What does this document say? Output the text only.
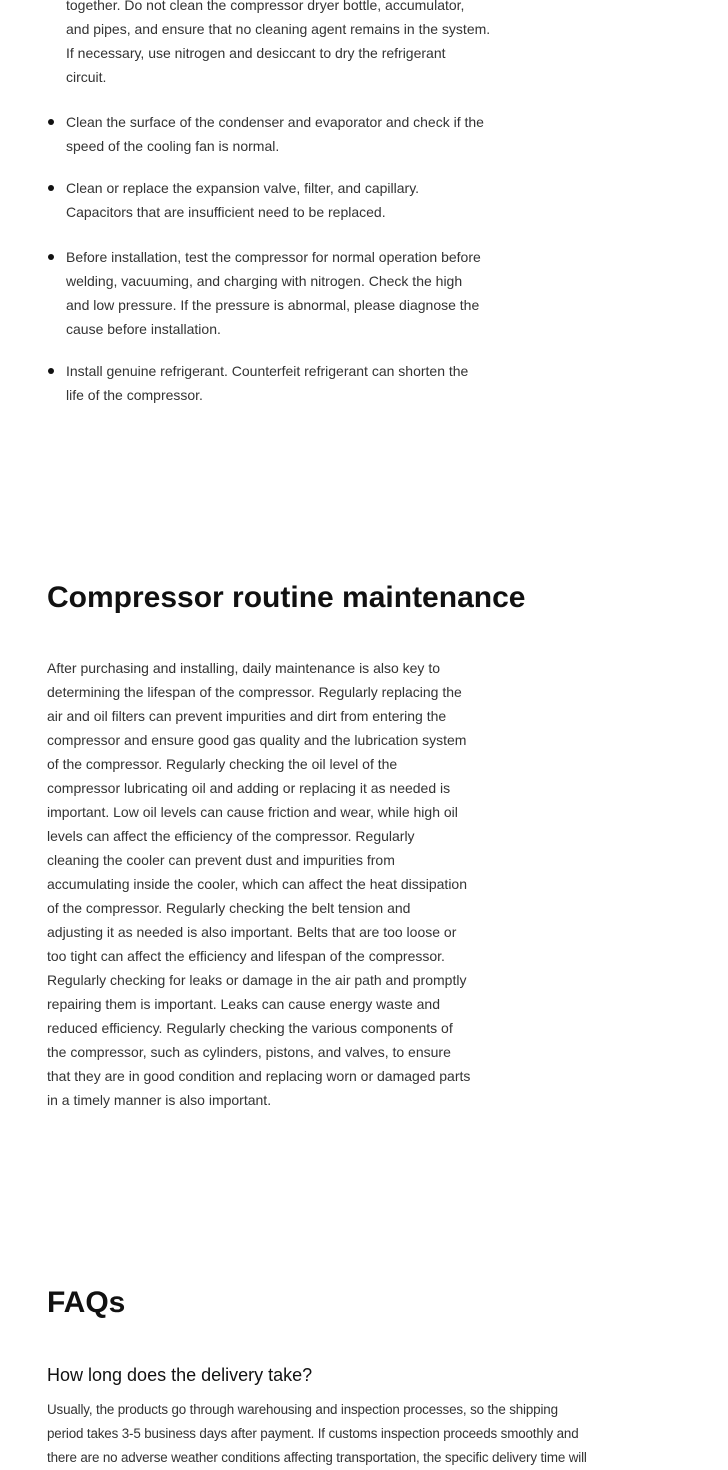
together. Do not clean the compressor dryer bottle, accumulator,
and pipes, and ensure that no cleaning agent remains in the system.
If necessary, use nitrogen and desiccant to dry the refrigerant
circuit.
Clean the surface of the condenser and evaporator and check if the
speed of the cooling fan is normal.
Clean or replace the expansion valve, filter, and capillary.
Capacitors that are insufficient need to be replaced.
Before installation, test the compressor for normal operation before
welding, vacuuming, and charging with nitrogen. Check the high
and low pressure. If the pressure is abnormal, please diagnose the
cause before installation.
Install genuine refrigerant. Counterfeit refrigerant can shorten the
life of the compressor.
Compressor routine maintenance
After purchasing and installing, daily maintenance is also key to
determining the lifespan of the compressor. Regularly replacing the
air and oil filters can prevent impurities and dirt from entering the
compressor and ensure good gas quality and the lubrication system
of the compressor. Regularly checking the oil level of the
compressor lubricating oil and adding or replacing it as needed is
important. Low oil levels can cause friction and wear, while high oil
levels can affect the efficiency of the compressor. Regularly
cleaning the cooler can prevent dust and impurities from
accumulating inside the cooler, which can affect the heat dissipation
of the compressor. Regularly checking the belt tension and
adjusting it as needed is also important. Belts that are too loose or
too tight can affect the efficiency and lifespan of the compressor.
Regularly checking for leaks or damage in the air path and promptly
repairing them is important. Leaks can cause energy waste and
reduced efficiency. Regularly checking the various components of
the compressor, such as cylinders, pistons, and valves, to ensure
that they are in good condition and replacing worn or damaged parts
in a timely manner is also important.
FAQs
How long does the delivery take?
Usually, the products go through warehousing and inspection processes, so the shipping
period takes 3-5 business days after payment. If customs inspection proceeds smoothly and
there are no adverse weather conditions affecting transportation, the specific delivery time will
